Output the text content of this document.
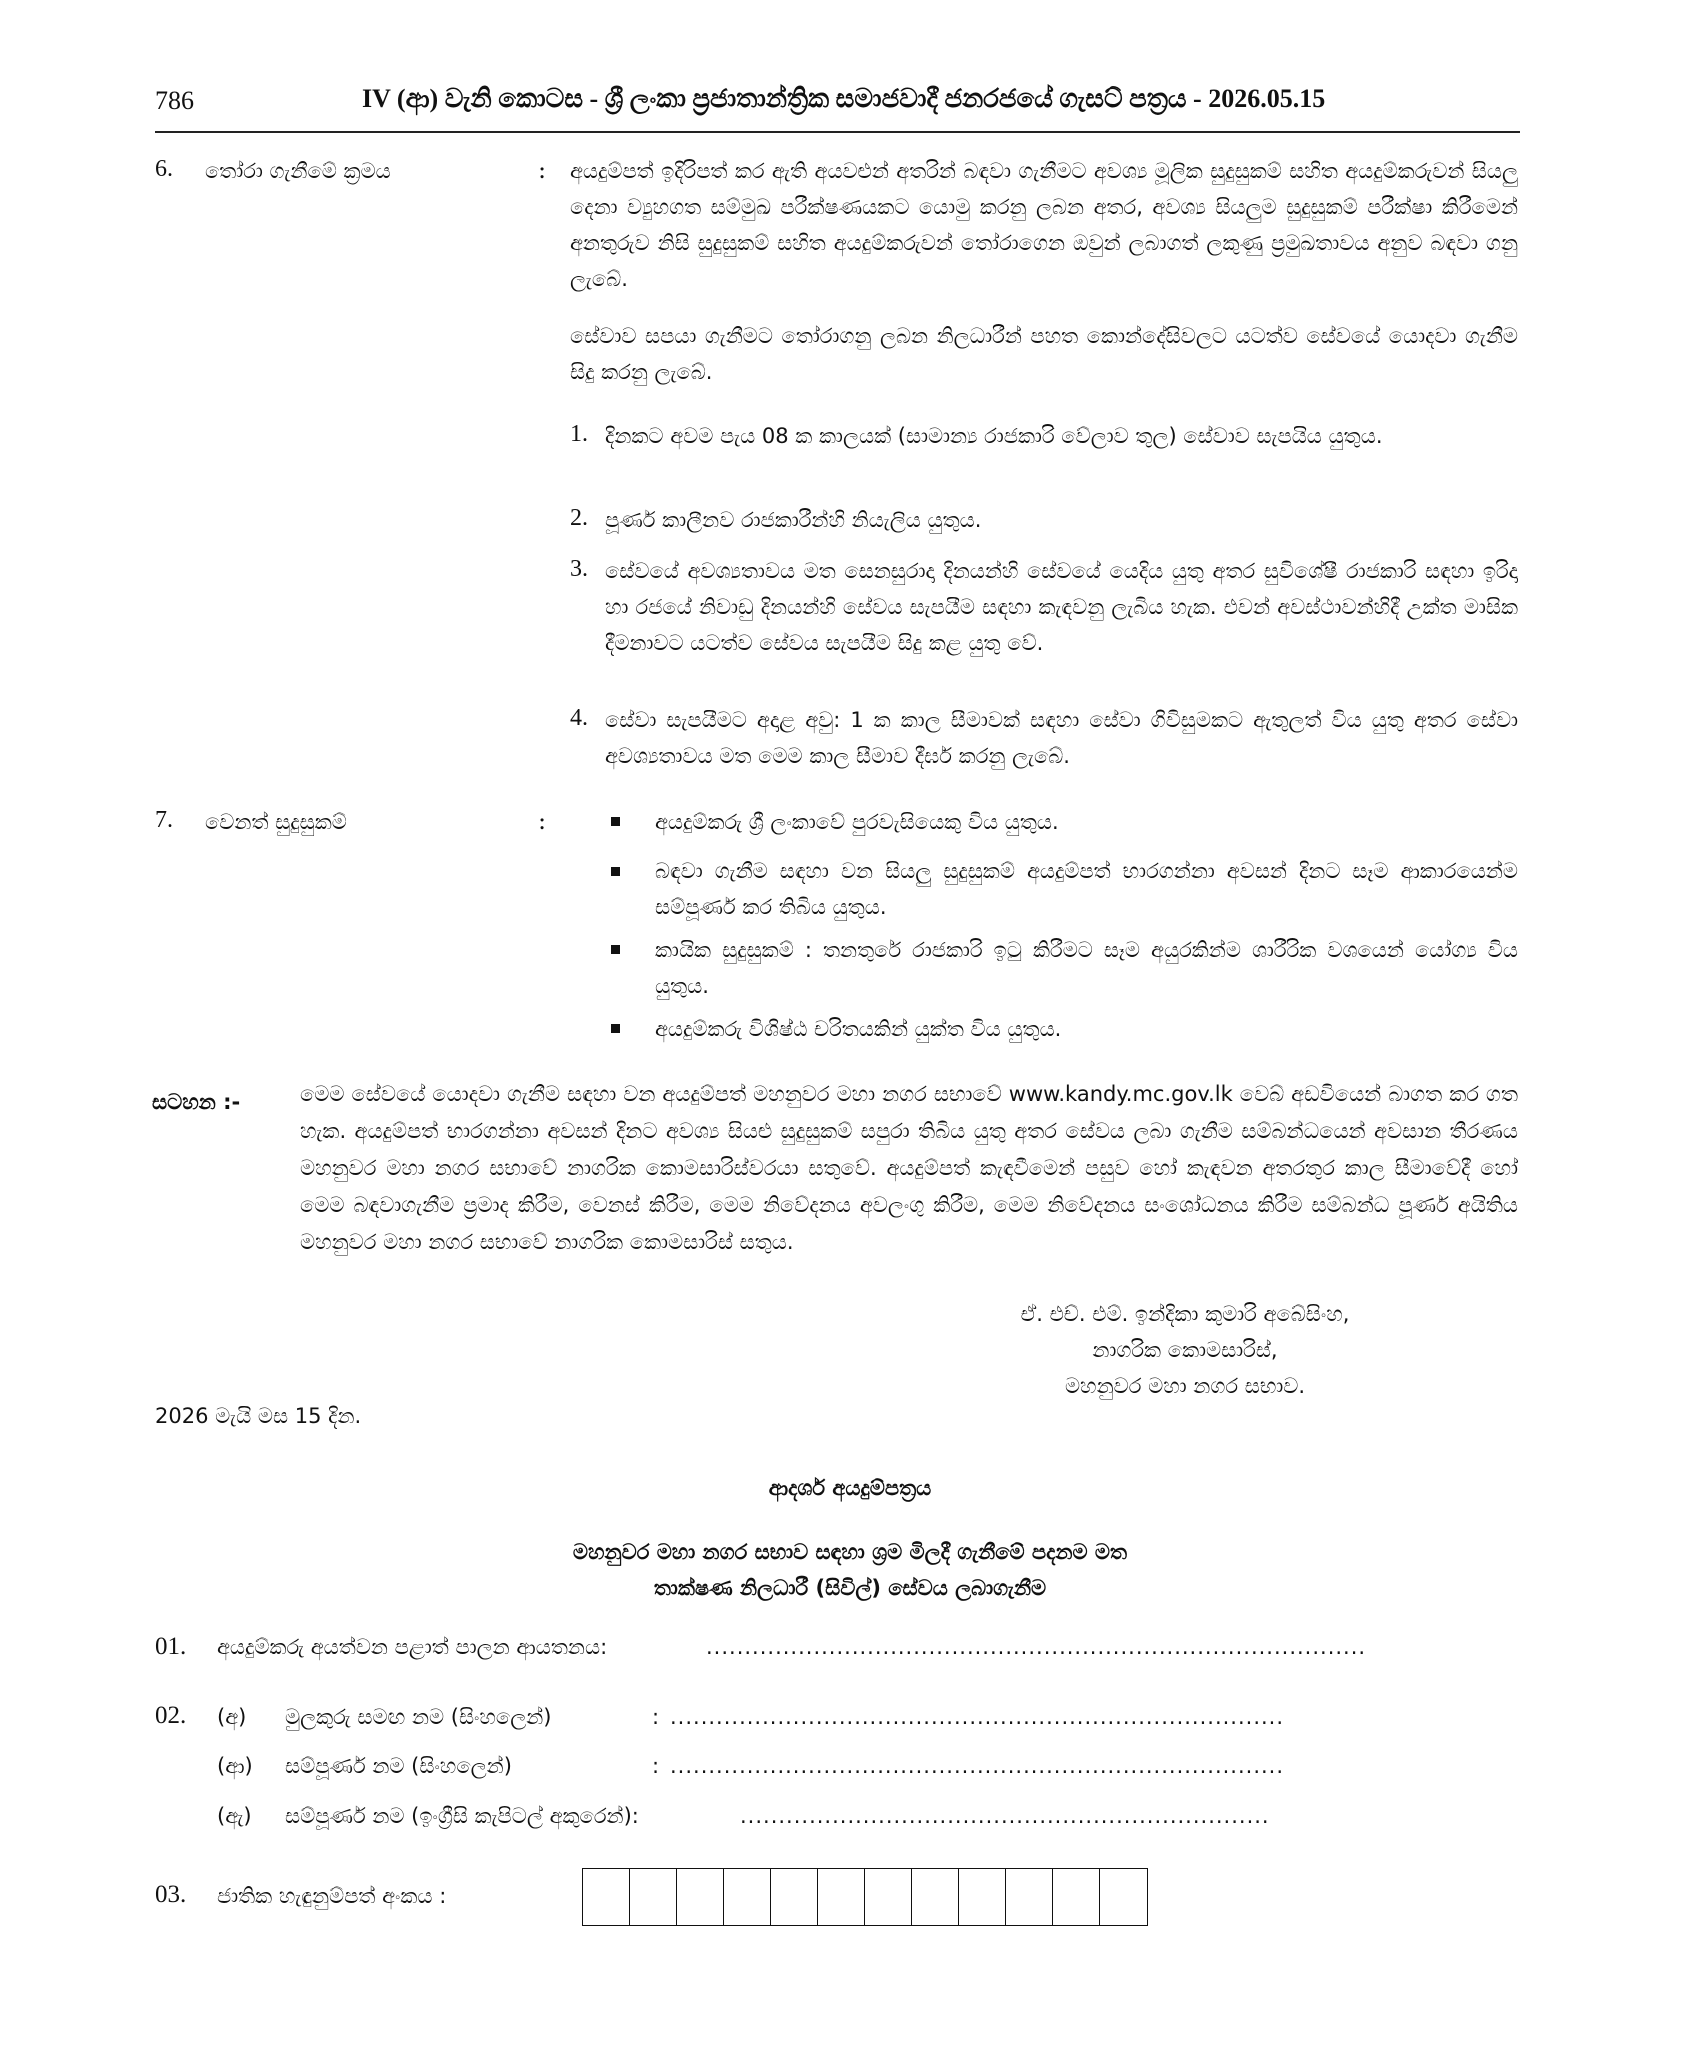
786	IV (ආ) වැනි කොටස - ශ්‍රී ලංකා ප්‍රජාතාන්ත්‍රික සමාජවාදී ජනරජයේ ගැසට් පත්‍රය - 2026.05.15
6. තෝරා ගැනීමේ ක්‍රමය	: අයදුම්පත් ඉදිරිපත් කර ඇති අයවළුන් අතරින් බඳවා ගැනීමට අවශ්‍ය මූලික සුදුසුකම් සහිත අයදුම්කරුවන් සියලු දෙනා ව්‍යුහගත සම්මුඛ පරීක්ෂණයකට යොමු කරනු ලබන අතර, අවශ්‍ය සියලුම සුදුසුකම් පරීක්ෂා කිරීමෙන් අනතුරුව නිසි සුදුසුකම් සහිත අයදුම්කරුවන් තෝරාගෙන ඔවුන් ලබාගත් ලකුණු ප්‍රමුඛතාවය අනුව බඳවා ගනු ලැබේ.
සේවාව සපයා ගැනීමට තෝරාගනු ලබන නිලධාරීන් පහත කොන්දේසිවලට යටත්ව සේවයේ යොදවා ගැනීම සිදු කරනු ලැබේ.
1. දිනකට අවම පැය 08 ක කාලයක් (සාමාන්‍ය රාජකාරි වේලාව තුල) සේවාව සැපයිය යුතුය.
2. පූර්ණ කාලීනව රාජකාරීන්හි නියැලිය යුතුය.
3. සේවයේ අවශ්‍යතාවය මත සෙනසුරාදා දිනයන්හි සේවයේ යෙදිය යුතු අතර සුවිශේෂී රාජකාරි සඳහා ඉරිදා හා රජයේ නිවාඩු දිනයන්හි සේවය සැපයීම සඳහා කැඳවනු ලැබිය හැක. එවන් අවස්ථාවන්හිදී උක්ත මාසික දීමනාවට යටත්ව සේවය සැපයීම සිදු කළ යුතු වේ.
4. සේවා සැපයීමට අදාළ අවු: 1 ක කාල සීමාවක් සඳහා සේවා ගිවිසුමකට ඇතුලත් විය යුතු අතර සේවා අවශ්‍යතාවය මත මෙම කාල සීමාව දීර්ඝ කරනු ලැබේ.
7. වෙනත් සුදුසුකම්	:	අයදුම්කරු ශ්‍රී ලංකාවේ පුරවැසියෙකු විය යුතුය.
බඳවා ගැනීම සඳහා වන සියලු සුදුසුකම් අයදුම්පත් භාරගන්නා අවසන් දිනට සෑම ආකාරයෙන්ම සම්පූර්ණ කර තිබිය යුතුය.
කායික සුදුසුකම් : තනතුරේ රාජකාරි ඉටු කිරීමට සෑම අයුරකින්ම ශාරීරික වශයෙන් යෝග්‍ය විය යුතුය.
අයදුම්කරු විශිෂ්ඨ චරිතයකින් යුක්ත විය යුතුය.
සටහන :-	මෙම සේවයේ යොදවා ගැනීම සඳහා වන අයදුම්පත් මහනුවර මහා නගර සභාවේ www.kandy.mc.gov.lk වෙබ් අඩවියෙන් බාගත කර ගත හැක. අයදුම්පත් භාරගන්නා අවසන් දිනට අවශ්‍ය සියළු සුදුසුකම් සපුරා තිබිය යුතු අතර සේවය ලබා ගැනීම සම්බන්ධයෙන් අවසාන තීරණය මහනුවර මහා නගර සභාවේ නාගරික කොමසාරිස්වරයා සතුවේ. අයදුම්පත් කැඳවීමෙන් පසුව හෝ කැඳවන අතරතුර කාල සීමාවේදී හෝ මෙම බඳවාගැනීම ප්‍රමාද කිරීම, වෙනස් කිරීම, මෙම නිවේදනය අවලංගු කිරීම, මෙම නිවේදනය සංශෝධනය කිරීම සම්බන්ධ පූර්ණ අයිතිය මහනුවර මහා නගර සභාවේ නාගරික කොමසාරිස් සතුය.
ඒ. එච්. එම්. ඉන්දිකා කුමාරි අබේසිංහ,
නාගරික කොමසාරිස්,
මහනුවර මහා නගර සභාව.
2026 මැයි මස 15 දින.
ආදර්ශ අයදුම්පත්‍රය
මහනුවර මහා නගර සභාව සඳහා ශ්‍රම මිලදී ගැනීමේ පදනම මත
තාක්ෂණ නිලධාරී (සිවිල්) සේවය ලබාගැනීම
01. අයදුම්කරු අයත්වන පළාත් පාලන ආයතනය:	......................................................................................
02. (අ) මුලකුරු සමඟ නම (සිංහලෙන්)	: ................................................................................
(ආ) සම්පූර්ණ නම (සිංහලෙන්)	: ................................................................................
(ඇ) සම්පූර්ණ නම (ඉංග්‍රීසි කැපිටල් අකුරෙන්):	.....................................................................
03. ජාතික හැඳුනුම්පත් අංකය :
